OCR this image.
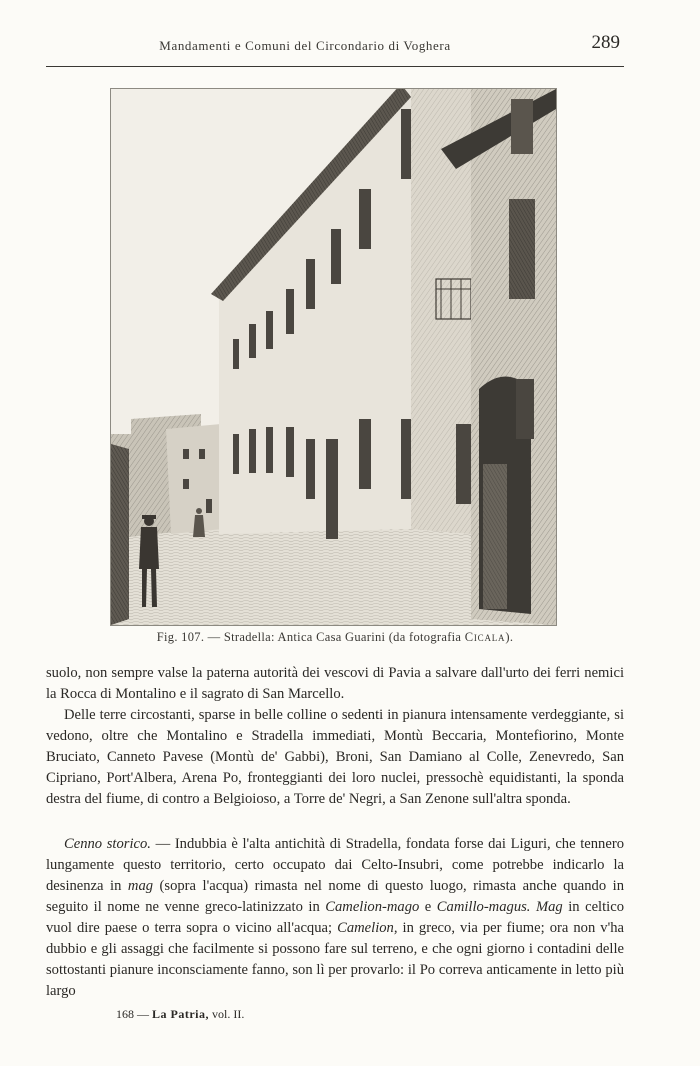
Mandamenti e Comuni del Circondario di Voghera	289
Fig. 107. — Stradella: Antica Casa Guarini (da fotografia Cicala).

suolo, non sempre valse la paterna autorità dei vescovi di Pavia a salvare dall'urto dei ferri nemici la Rocca di Montalino e il sagrato di San Marcello.

Delle terre circostanti, sparse in belle colline o sedenti in pianura intensamente verdeggiante, si vedono, oltre che Montalino e Stradella immediati, Montù Beccaria, Montefiorino, Monte Bruciato, Canneto Pavese (Montù de' Gabbi), Broni, San Damiano al Colle, Zenevredo, San Cipriano, Port'Albera, Arena Po, fronteggianti dei loro nuclei, pressochè equidistanti, la sponda destra del fiume, di contro a Belgioioso, a Torre de' Negri, a San Zenone sull'altra sponda.

Cenno storico. — Indubbia è l'alta antichità di Stradella, fondata forse dai Liguri, che tennero lungamente questo territorio, certo occupato dai Celto-Insubri, come potrebbe indicarlo la desinenza in mag (sopra l'acqua) rimasta nel nome di questo luogo, rimasta anche quando in seguito il nome ne venne greco-latinizzato in Camelion-mago e Camillo-magus. Mag in celtico vuol dire paese o terra sopra o vicino all'acqua; Camelion, in greco, via per fiume; ora non v'ha dubbio e gli assaggi che facilmente si possono fare sul terreno, e che ogni giorno i contadini delle sottostanti pianure inconsciamente fanno, son lì per provarlo: il Po correva anticamente in letto più largo

168 — La Patria, vol. II.
